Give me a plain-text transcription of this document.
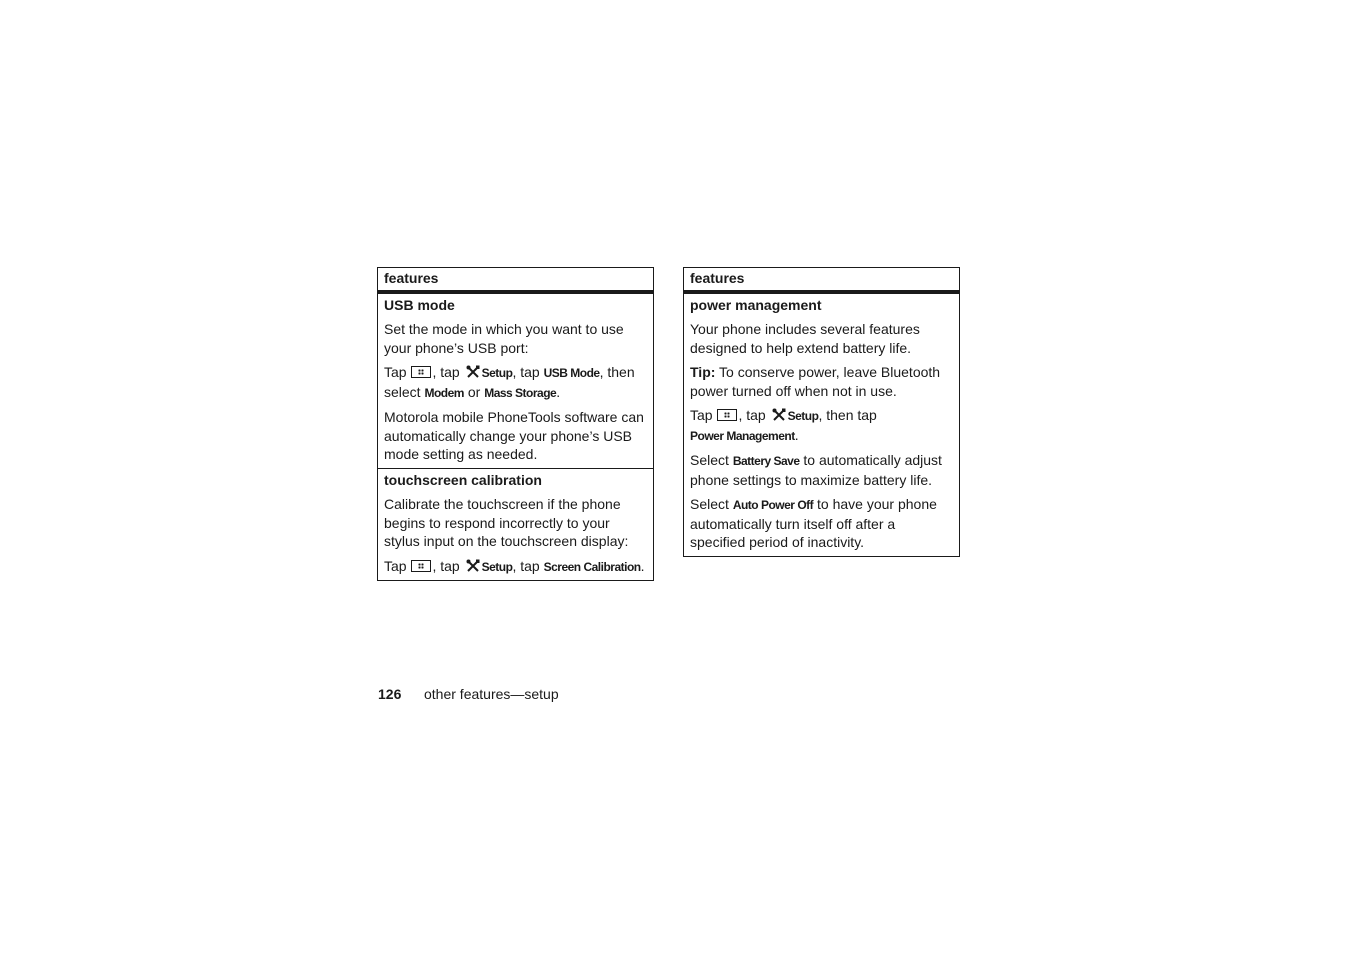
features
USB mode
Set the mode in which you want to use your phone’s USB port:
Tap , tap Setup, tap USB Mode, then select Modem or Mass Storage.
Motorola mobile PhoneTools software can automatically change your phone’s USB mode setting as needed.
touchscreen calibration
Calibrate the touchscreen if the phone begins to respond incorrectly to your stylus input on the touchscreen display:
Tap , tap Setup, tap Screen Calibration.
features
power management
Your phone includes several features designed to help extend battery life.
Tip: To conserve power, leave Bluetooth power turned off when not in use.
Tap , tap Setup, then tap
Power Management.
Select Battery Save to automatically adjust phone settings to maximize battery life.
Select Auto Power Off to have your phone automatically turn itself off after a specified period of inactivity.
126 other features—setup
